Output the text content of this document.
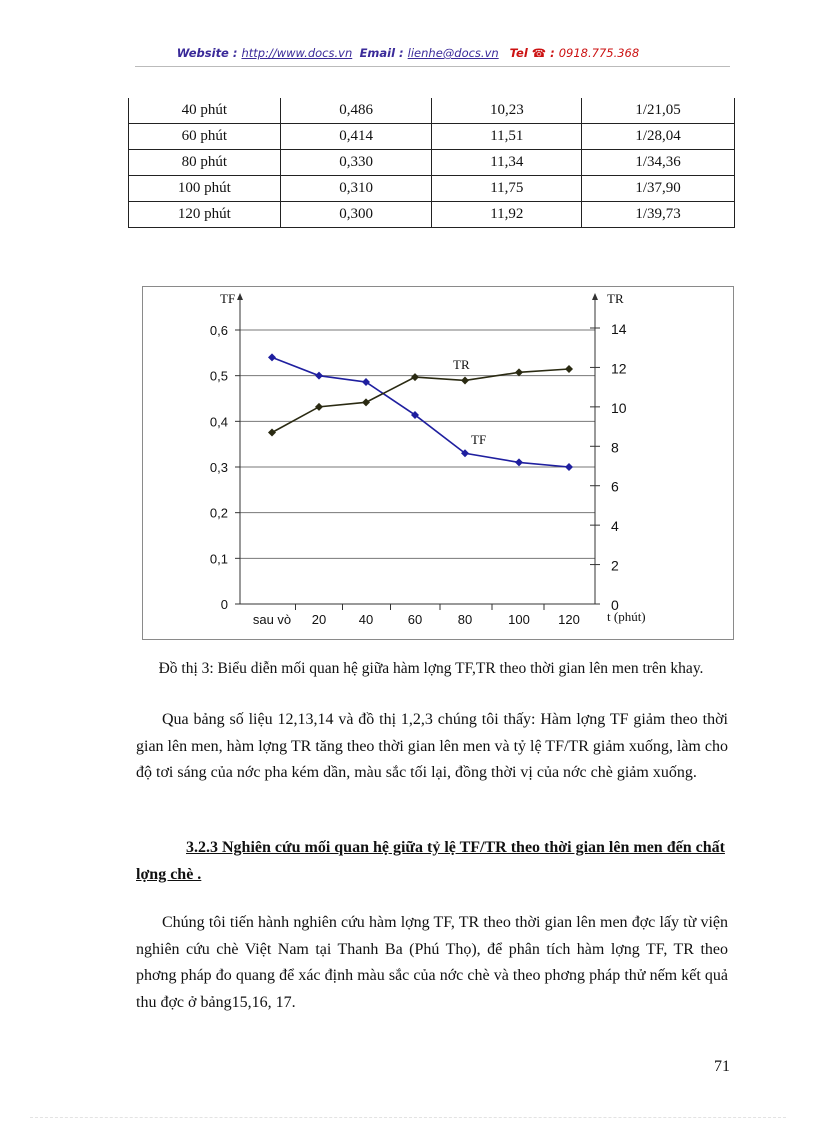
Website : http://www.docs.vn Email : lienhe@docs.vn Tel ☎ : 0918.775.368
40 phút	0,486	10,23	1/21,05
60 phút	0,414	11,51	1/28,04
80 phút	0,330	11,34	1/34,36
100 phút	0,310	11,75	1/37,90
120 phút	0,300	11,92	1/39,73
0
0,1
0,2
0,3
0,4
0,5
0,6
0
2
4
6
8
10
12
14
TF	TR
t (phút)
sau vò 20	40	60	80	100 120
TR
TF
Đồ thị 3: Biểu diễn mối quan hệ giữa hàm lợng TF,TR theo thời gian lên men trên khay.
Qua bảng số liệu 12,13,14 và đồ thị 1,2,3 chúng tôi thấy: Hàm lợng TF giảm theo thời gian lên men, hàm lợng TR tăng theo thời gian lên men và tỷ lệ TF/TR giảm xuống, làm cho độ tơi sáng của nớc pha kém dần, màu sắc tối lại, đồng thời vị của nớc chè giảm xuống.
3.2.3 Nghiên cứu mối quan hệ giữa tỷ lệ TF/TR theo thời gian lên men đến chất lợng chè .
Chúng tôi tiến hành nghiên cứu hàm lợng TF, TR theo thời gian lên men đợc lấy từ viện nghiên cứu chè Việt Nam tại Thanh Ba (Phú Thọ), để phân tích hàm lợng TF, TR theo phơng pháp đo quang để xác định màu sắc của nớc chè và theo phơng pháp thử nếm kết quả thu đợc ở bảng15,16, 17.
71
